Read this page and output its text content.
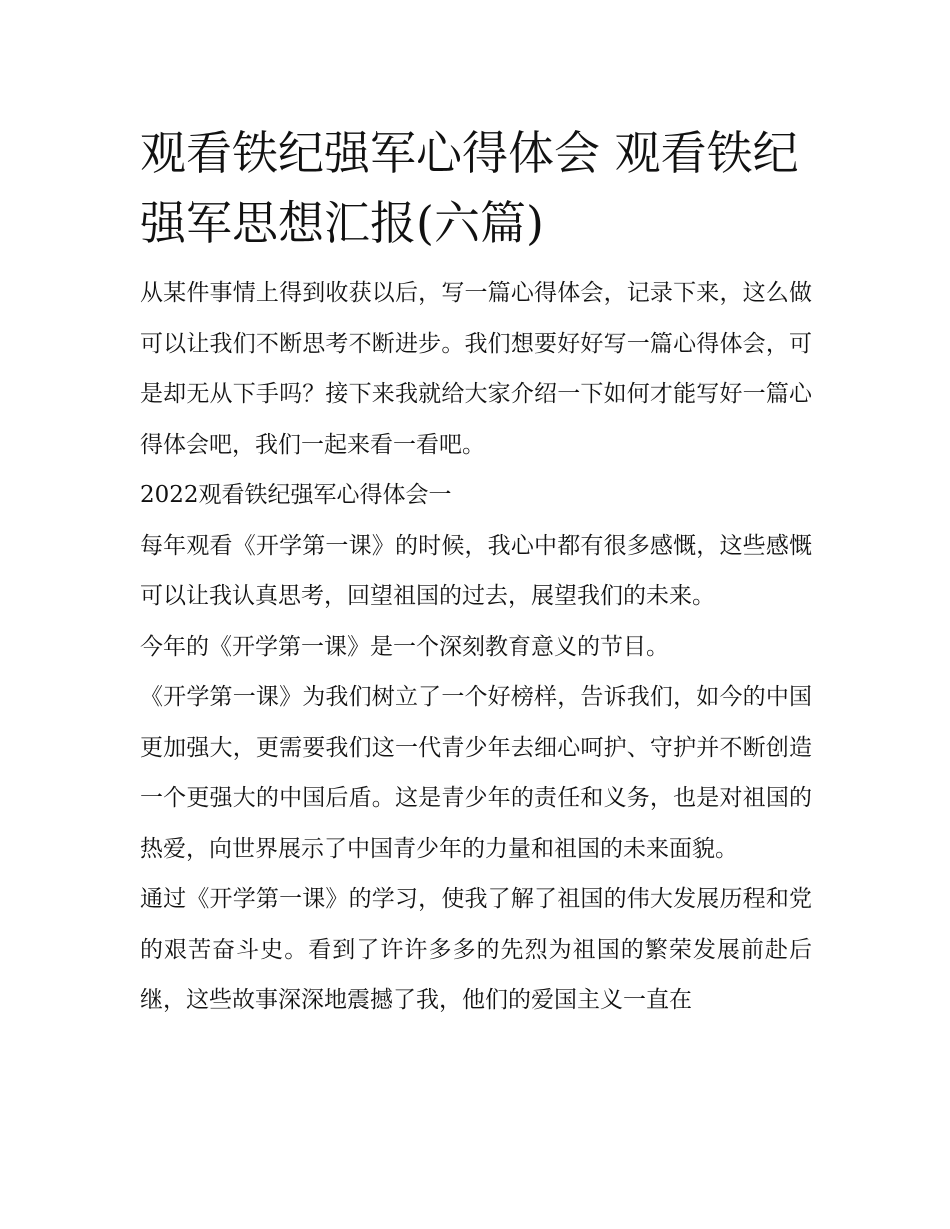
观看铁纪强军心得体会 观看铁纪强军思想汇报(六篇)

从某件事情上得到收获以后，写一篇心得体会，记录下来，这么做可以让我们不断思考不断进步。我们想要好好写一篇心得体会，可是却无从下手吗？接下来我就给大家介绍一下如何才能写好一篇心得体会吧，我们一起来看一看吧。

2022观看铁纪强军心得体会一

每年观看《开学第一课》的时候，我心中都有很多感慨，这些感慨可以让我认真思考，回望祖国的过去，展望我们的未来。

今年的《开学第一课》是一个深刻教育意义的节目。

《开学第一课》为我们树立了一个好榜样，告诉我们，如今的中国更加强大，更需要我们这一代青少年去细心呵护、守护并不断创造一个更强大的中国后盾。这是青少年的责任和义务，也是对祖国的热爱，向世界展示了中国青少年的力量和祖国的未来面貌。

通过《开学第一课》的学习，使我了解了祖国的伟大发展历程和党的艰苦奋斗史。看到了许许多多的先烈为祖国的繁荣发展前赴后继，这些故事深深地震撼了我，他们的爱国主义一直在
